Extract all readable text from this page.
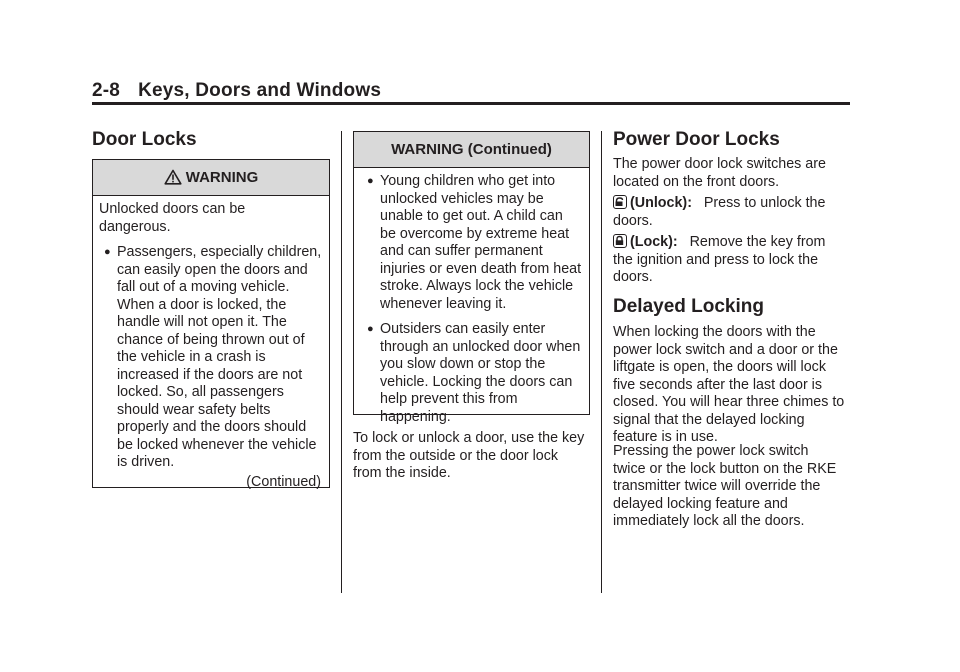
2-8 Keys, Doors and Windows
Door Locks
WARNING
Unlocked doors can be dangerous.
● Passengers, especially children, can easily open the doors and fall out of a moving vehicle. When a door is locked, the handle will not open it. The chance of being thrown out of the vehicle in a crash is increased if the doors are not locked. So, all passengers should wear safety belts properly and the doors should be locked whenever the vehicle is driven.
(Continued)
WARNING (Continued)
● Young children who get into unlocked vehicles may be unable to get out. A child can be overcome by extreme heat and can suffer permanent injuries or even death from heat stroke. Always lock the vehicle whenever leaving it.
● Outsiders can easily enter through an unlocked door when you slow down or stop the vehicle. Locking the doors can help prevent this from happening.
To lock or unlock a door, use the key from the outside or the door lock from the inside.
Power Door Locks
The power door lock switches are located on the front doors.
(Unlock): Press to unlock the doors.
(Lock): Remove the key from the ignition and press to lock the doors.
Delayed Locking
When locking the doors with the power lock switch and a door or the liftgate is open, the doors will lock five seconds after the last door is closed. You will hear three chimes to signal that the delayed locking feature is in use.
Pressing the power lock switch twice or the lock button on the RKE transmitter twice will override the delayed locking feature and immediately lock all the doors.
